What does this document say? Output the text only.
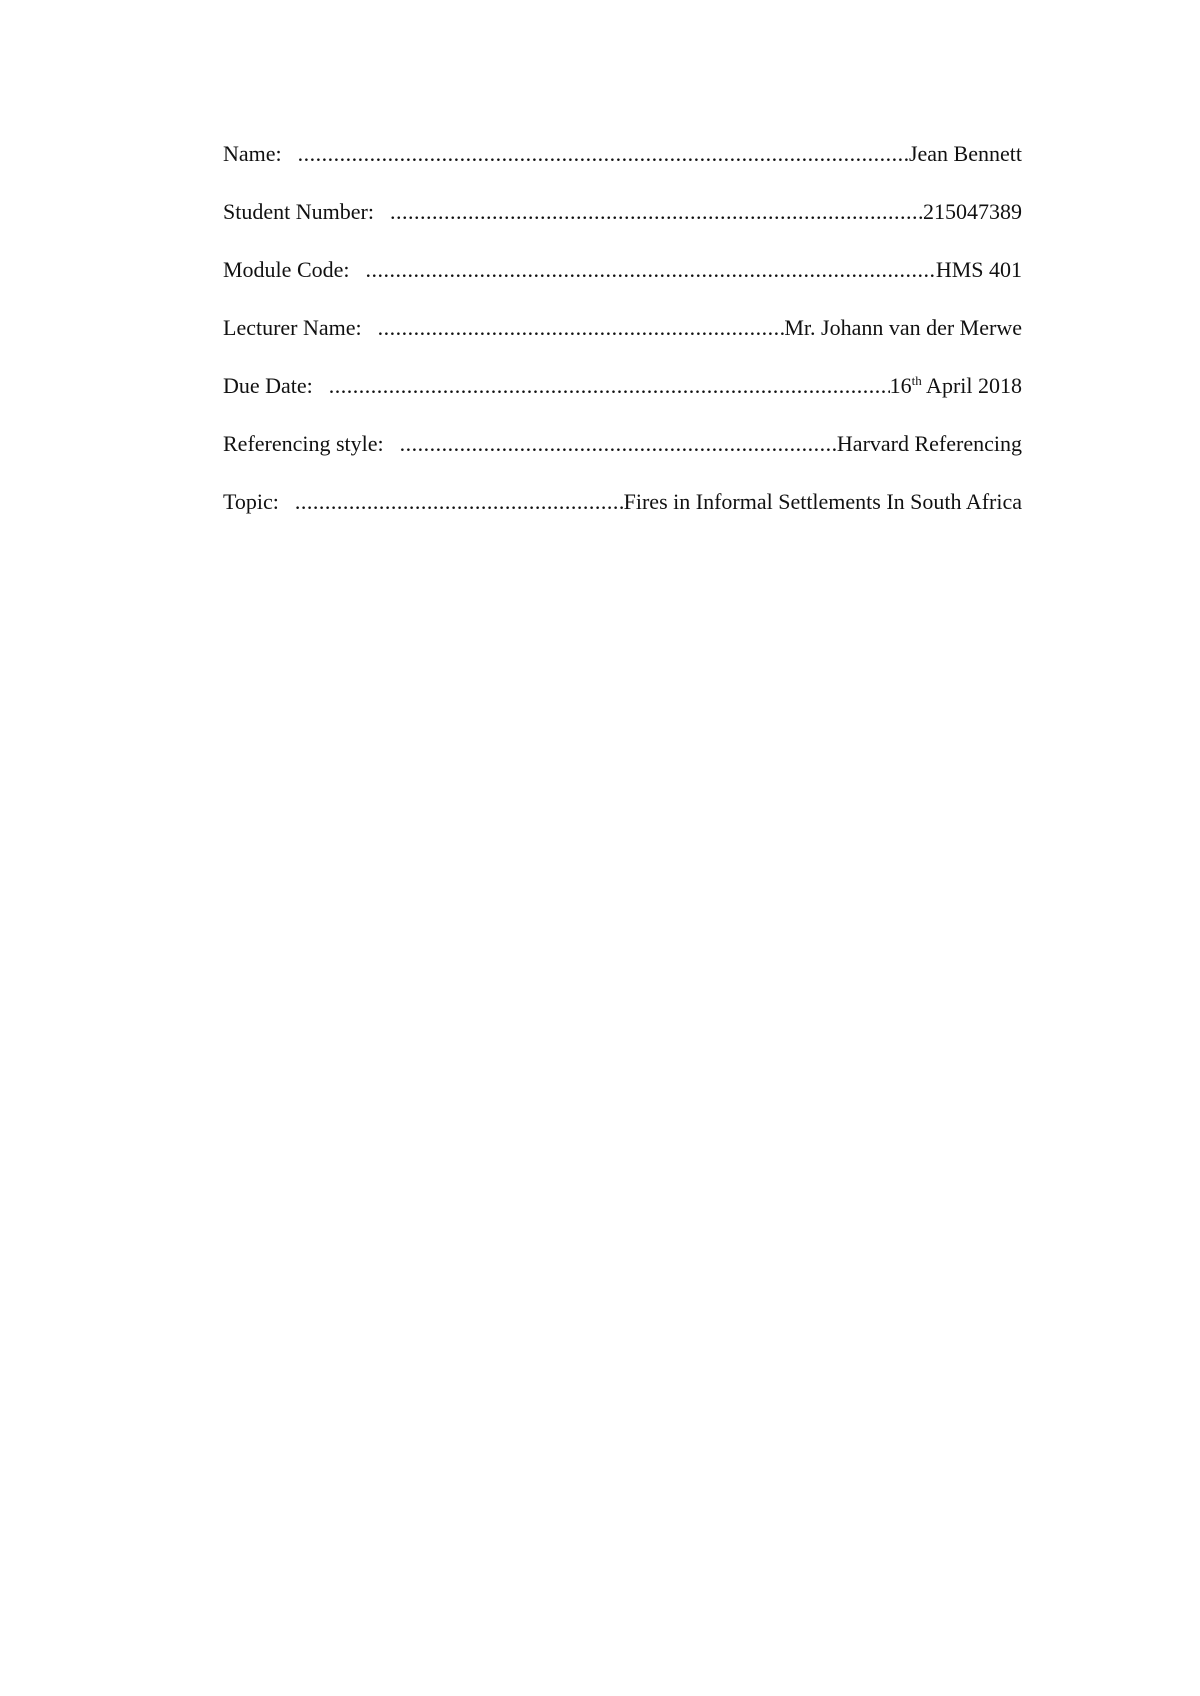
Name: .....	Jean Bennett
Student Number: .....	215047389
Module Code: .....	HMS 401
Lecturer Name: .....	Mr. Johann van der Merwe
Due Date: .....	16th April 2018
Referencing style: .....	Harvard Referencing
Topic: .....	Fires in Informal Settlements In South Africa
